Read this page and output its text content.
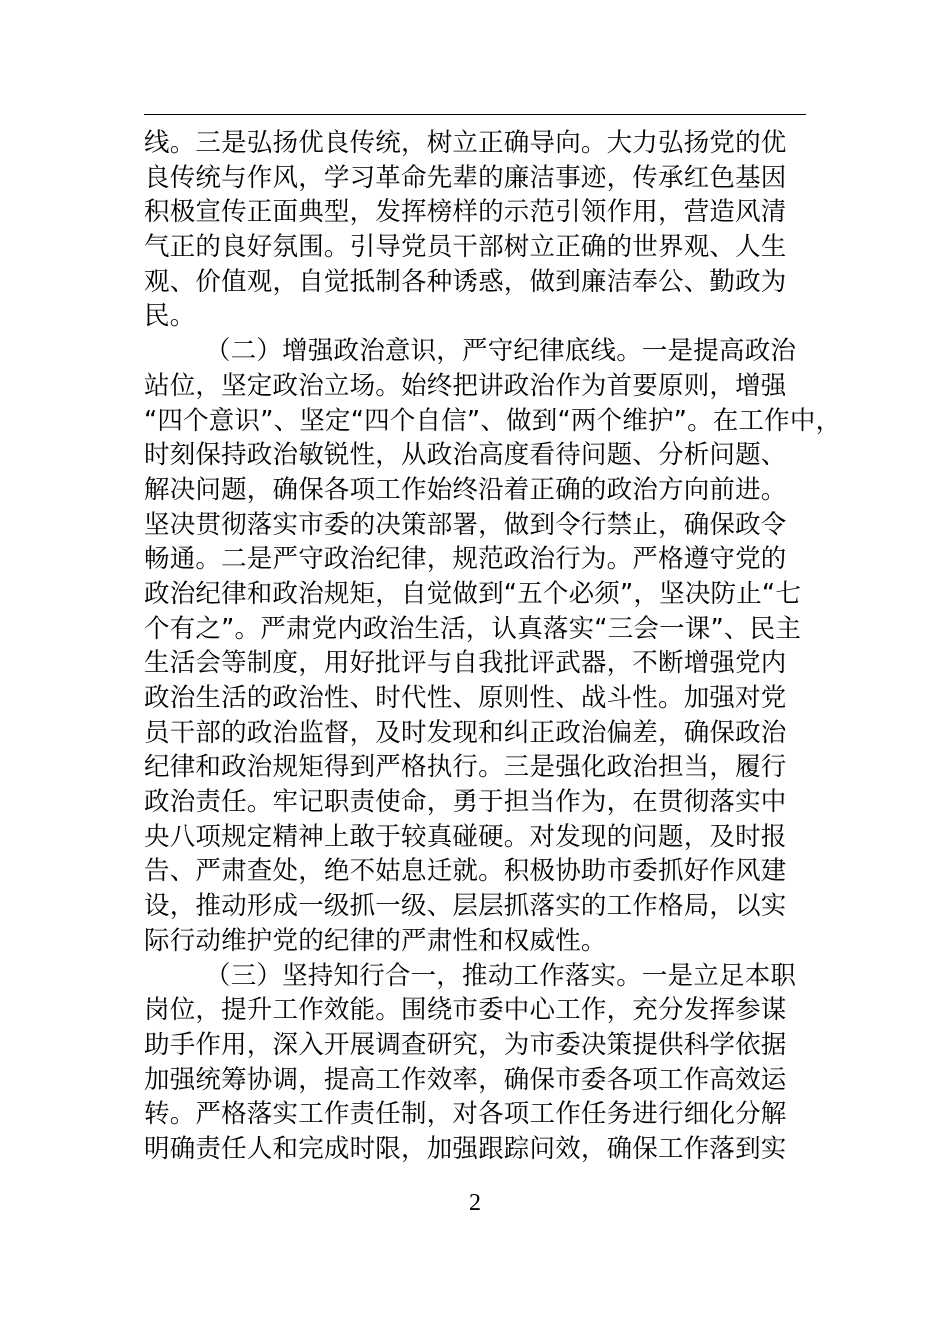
线。三是弘扬优良传统，树立正确导向。大力弘扬党的优
良传统与作风，学习革命先辈的廉洁事迹，传承红色基因
积极宣传正面典型，发挥榜样的示范引领作用，营造风清
气正的良好氛围。引导党员干部树立正确的世界观、人生
观、价值观，自觉抵制各种诱惑，做到廉洁奉公、勤政为
民。
（二）增强政治意识，严守纪律底线。一是提高政治
站位，坚定政治立场。始终把讲政治作为首要原则，增强
“四个意识”、坚定“四个自信”、做到“两个维护”。在工作中，
时刻保持政治敏锐性，从政治高度看待问题、分析问题、
解决问题，确保各项工作始终沿着正确的政治方向前进。
坚决贯彻落实市委的决策部署，做到令行禁止，确保政令
畅通。二是严守政治纪律，规范政治行为。严格遵守党的
政治纪律和政治规矩，自觉做到“五个必须”，坚决防止“七
个有之”。严肃党内政治生活，认真落实“三会一课”、民主
生活会等制度，用好批评与自我批评武器，不断增强党内
政治生活的政治性、时代性、原则性、战斗性。加强对党
员干部的政治监督，及时发现和纠正政治偏差，确保政治
纪律和政治规矩得到严格执行。三是强化政治担当，履行
政治责任。牢记职责使命，勇于担当作为，在贯彻落实中
央八项规定精神上敢于较真碰硬。对发现的问题，及时报
告、严肃查处，绝不姑息迁就。积极协助市委抓好作风建
设，推动形成一级抓一级、层层抓落实的工作格局，以实
际行动维护党的纪律的严肃性和权威性。
（三）坚持知行合一，推动工作落实。一是立足本职
岗位，提升工作效能。围绕市委中心工作，充分发挥参谋
助手作用，深入开展调查研究，为市委决策提供科学依据
加强统筹协调，提高工作效率，确保市委各项工作高效运
转。严格落实工作责任制，对各项工作任务进行细化分解
明确责任人和完成时限，加强跟踪问效，确保工作落到实
2
